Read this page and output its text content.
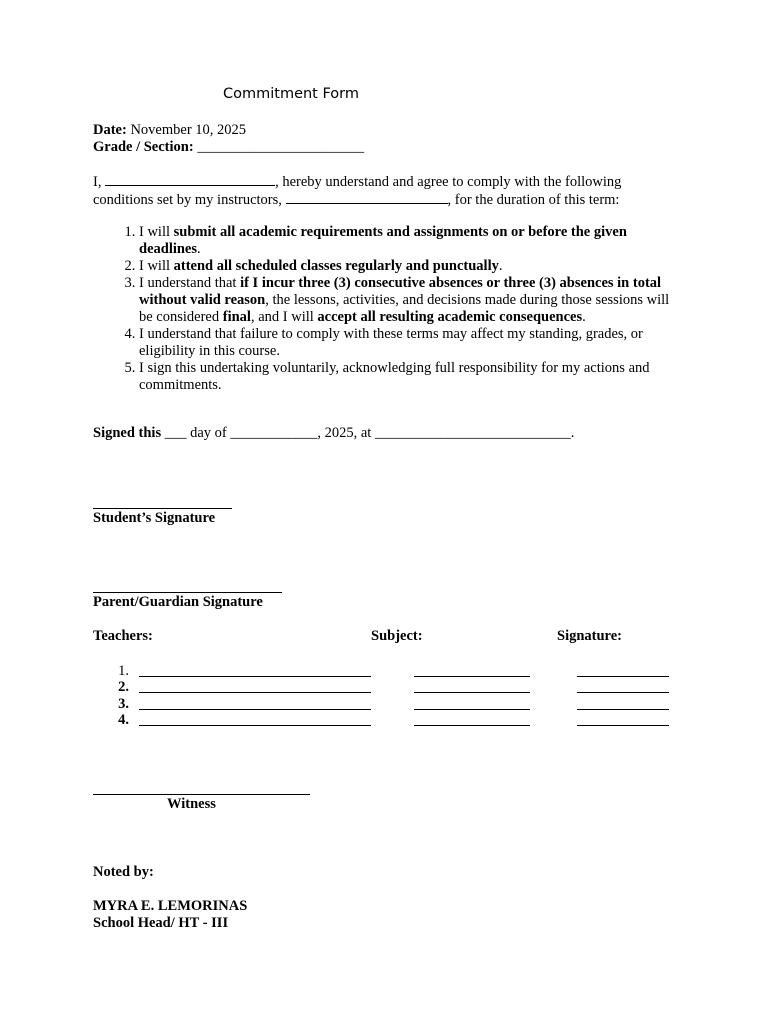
Commitment Form
Date: November 10, 2025
Grade / Section: _______________________
I,	, hereby understand and agree to comply with the following
conditions set by my instructors,	, for the duration of this term:
1. I will submit all academic requirements and assignments on or before the given deadlines.
2. I will attend all scheduled classes regularly and punctually.
3. I understand that if I incur three (3) consecutive absences or three (3) absences in total without valid reason, the lessons, activities, and decisions made during those sessions will be considered final, and I will accept all resulting academic consequences.
4. I understand that failure to comply with these terms may affect my standing, grades, or eligibility in this course.
5. I sign this undertaking voluntarily, acknowledging full responsibility for my actions and commitments.
Signed this ___ day of ____________, 2025, at ___________________________.
Student’s Signature
Parent/Guardian Signature
Teachers:	Subject:	Signature:
1.
2.
3.
4.
Witness
Noted by:
MYRA E. LEMORINAS
School Head/ HT - III
